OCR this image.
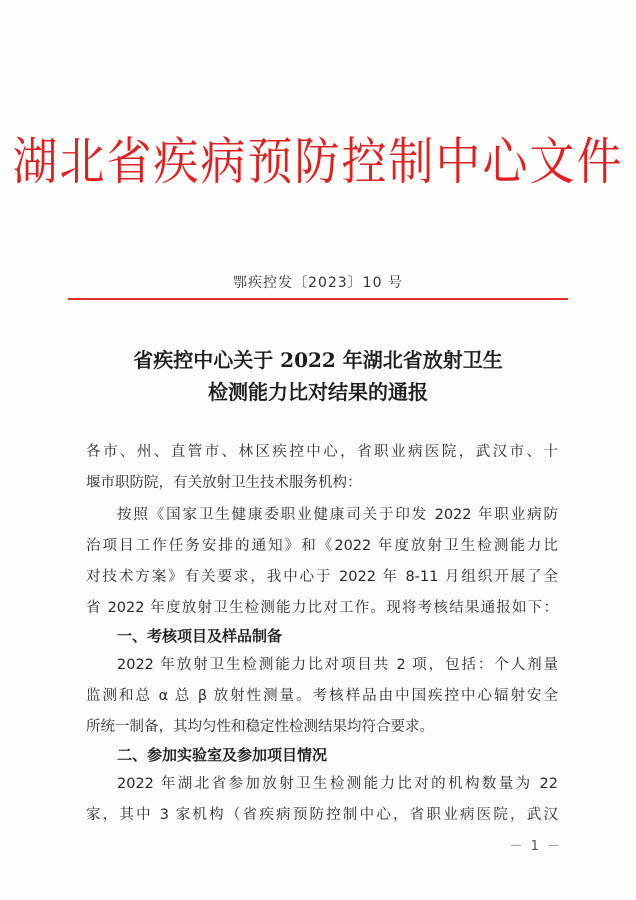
湖北省疾病预防控制中心文件
鄂疾控发〔2023〕10 号
省疾控中心关于 2022 年湖北省放射卫生
检测能力比对结果的通报
各市、州、直管市、林区疾控中心，省职业病医院，武汉市、十
堰市职防院，有关放射卫生技术服务机构：
按照《国家卫生健康委职业健康司关于印发 2022 年职业病防
治项目工作任务安排的通知》和《2022 年度放射卫生检测能力比
对技术方案》有关要求，我中心于 2022 年 8-11 月组织开展了全
省 2022 年度放射卫生检测能力比对工作。现将考核结果通报如下：
一、考核项目及样品制备
2022 年放射卫生检测能力比对项目共 2 项，包括：个人剂量
监测和总 α 总 β 放射性测量。考核样品由中国疾控中心辐射安全
所统一制备，其均匀性和稳定性检测结果均符合要求。
二、参加实验室及参加项目情况
2022 年湖北省参加放射卫生检测能力比对的机构数量为 22
家，其中 3 家机构（省疾病预防控制中心，省职业病医院，武汉
－ 1 －
